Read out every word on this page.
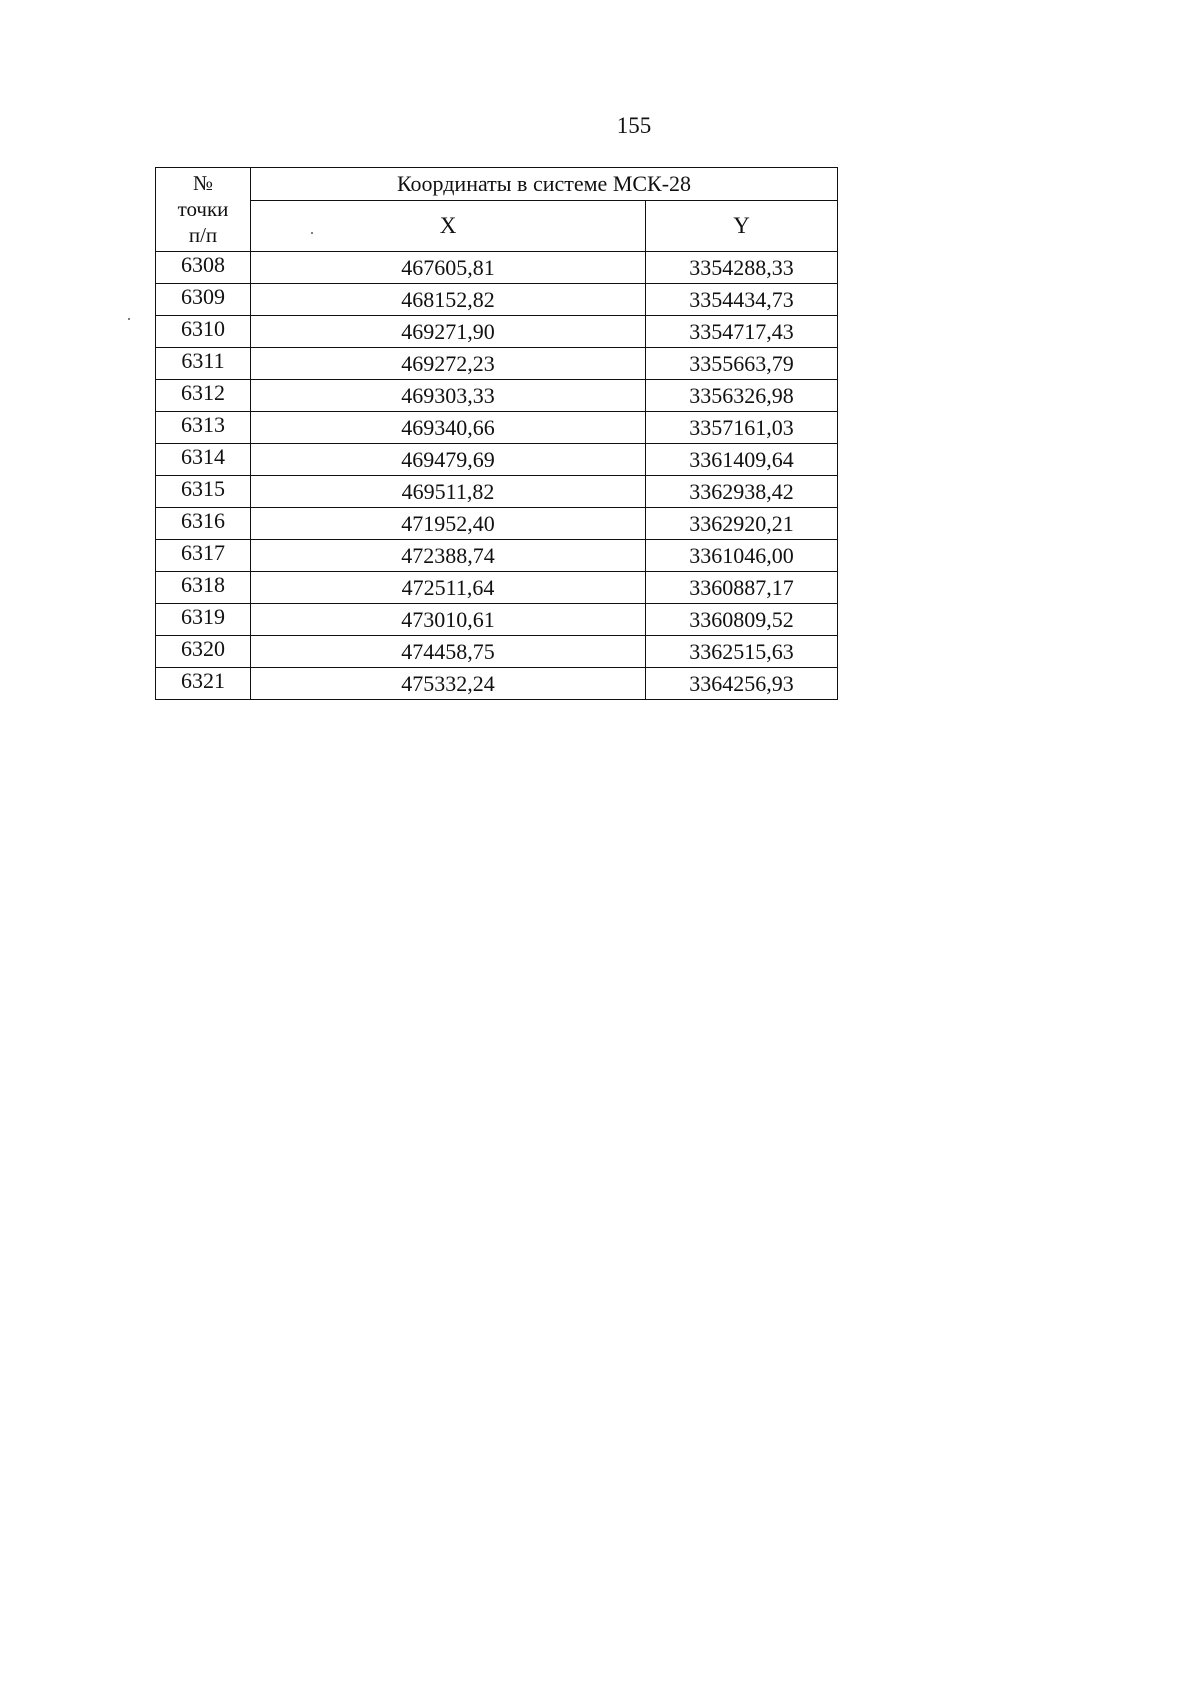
155
№
точки
п/п	Координаты в системе МСК-28	
	X	Y
6308	467605,81	3354288,33
6309	468152,82	3354434,73
6310	469271,90	3354717,43
6311	469272,23	3355663,79
6312	469303,33	3356326,98
6313	469340,66	3357161,03
6314	469479,69	3361409,64
6315	469511,82	3362938,42
6316	471952,40	3362920,21
6317	472388,74	3361046,00
6318	472511,64	3360887,17
6319	473010,61	3360809,52
6320	474458,75	3362515,63
6321	475332,24	3364256,93
